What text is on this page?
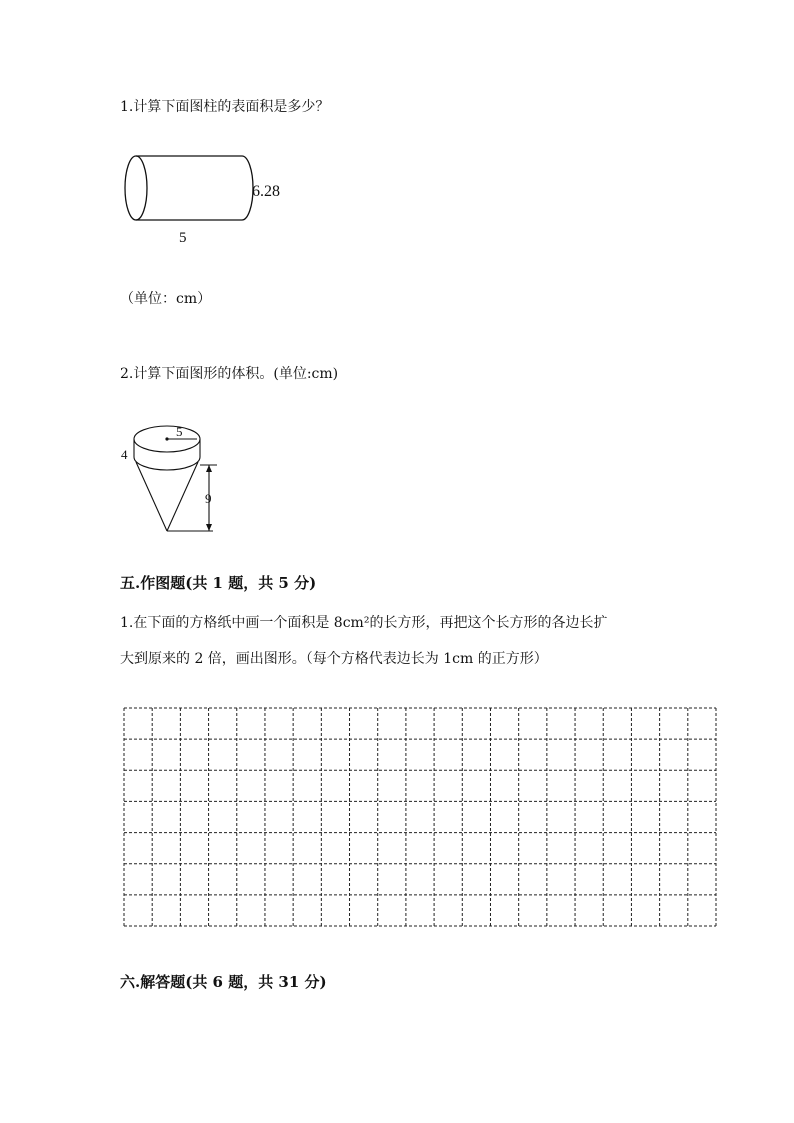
1.计算下面图柱的表面积是多少？
6.28
5
（单位：cm）
2.计算下面图形的体积。(单位:cm)
5
4
9
五.作图题(共 1 题，共 5 分)
1.在下面的方格纸中画一个面积是 8cm²的长方形，再把这个长方形的各边长扩
大到原来的 2 倍，画出图形。（每个方格代表边长为 1cm 的正方形）
六.解答题(共 6 题，共 31 分)
